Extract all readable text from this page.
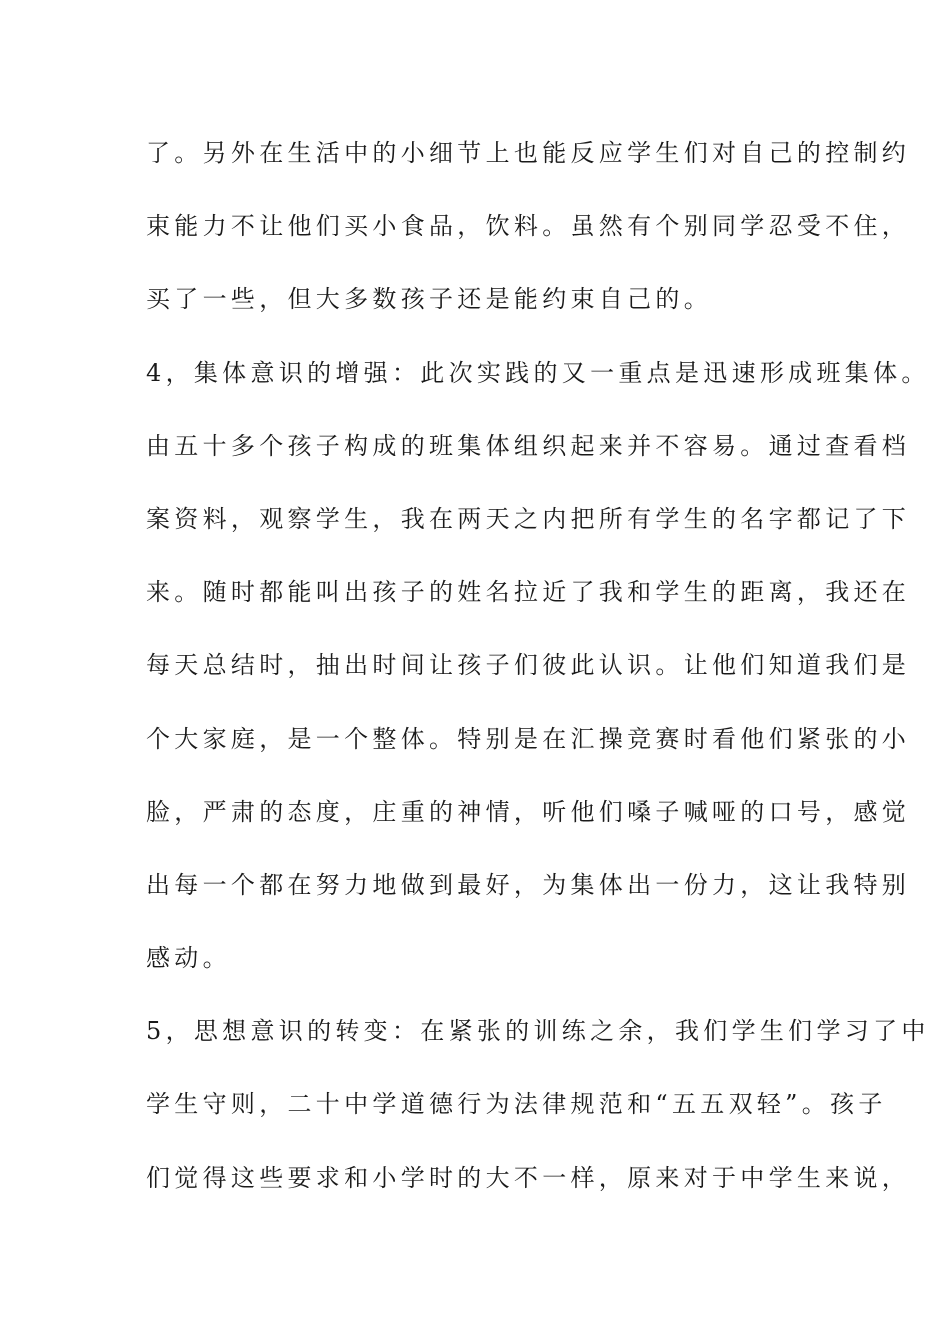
了。另外在生活中的小细节上也能反应学生们对自己的控制约
束能力不让他们买小食品，饮料。虽然有个别同学忍受不住，
买了一些，但大多数孩子还是能约束自己的。
4，集体意识的增强：此次实践的又一重点是迅速形成班集体。
由五十多个孩子构成的班集体组织起来并不容易。通过查看档
案资料，观察学生，我在两天之内把所有学生的名字都记了下
来。随时都能叫出孩子的姓名拉近了我和学生的距离，我还在
每天总结时，抽出时间让孩子们彼此认识。让他们知道我们是
个大家庭，是一个整体。特别是在汇操竞赛时看他们紧张的小
脸，严肃的态度，庄重的神情，听他们嗓子喊哑的口号，感觉
出每一个都在努力地做到最好，为集体出一份力，这让我特别
感动。
5，思想意识的转变：在紧张的训练之余，我们学生们学习了中
学生守则，二十中学道德行为法律规范和“五五双轻”。孩子
们觉得这些要求和小学时的大不一样，原来对于中学生来说，
